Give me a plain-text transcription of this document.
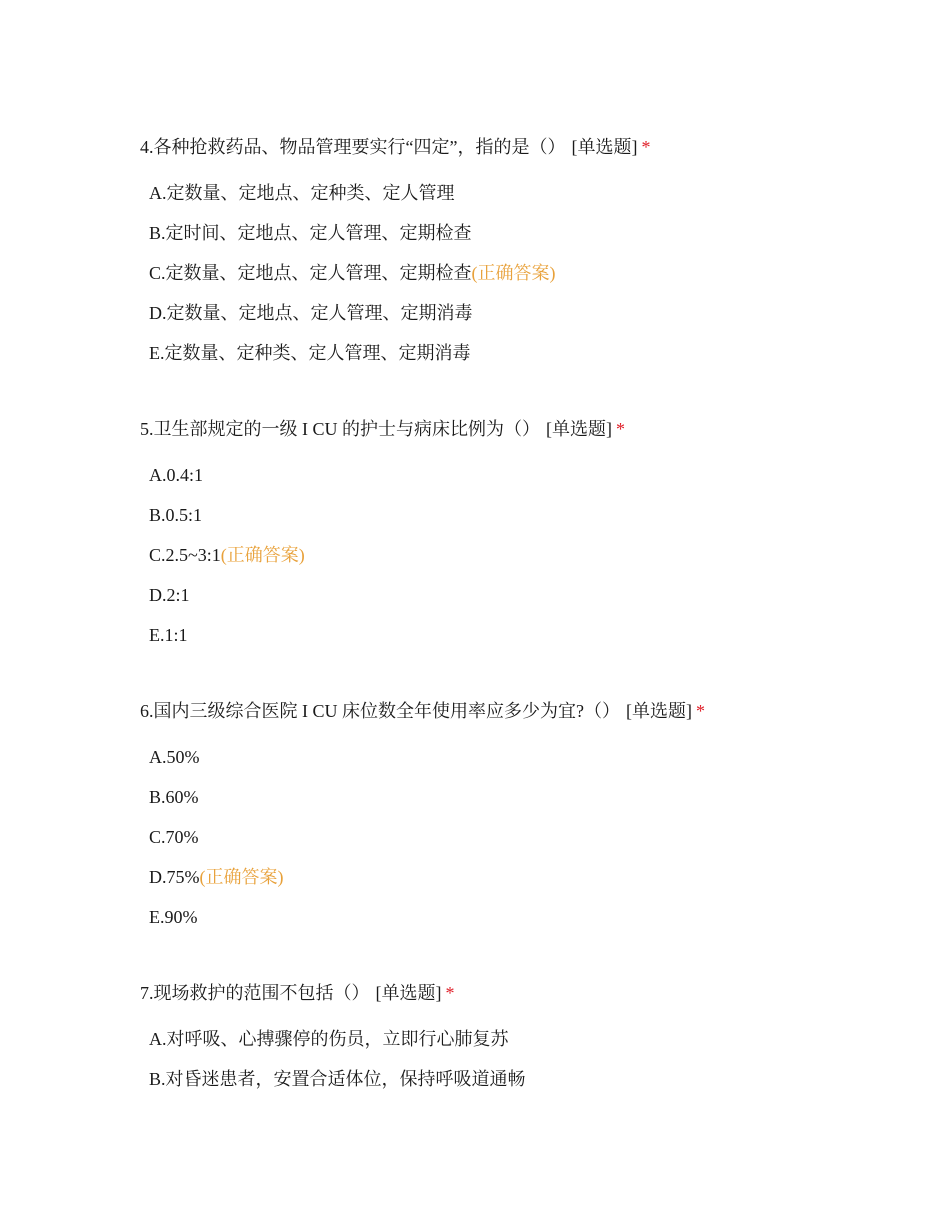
4.各种抢救药品、物品管理要实行“四定”，指的是（） [单选题] *
A.定数量、定地点、定种类、定人管理
B.定时间、定地点、定人管理、定期检查
C.定数量、定地点、定人管理、定期检查(正确答案)
D.定数量、定地点、定人管理、定期消毒
E.定数量、定种类、定人管理、定期消毒
5.卫生部规定的一级 I CU 的护士与病床比例为（） [单选题] *
A.0.4:1
B.0.5:1
C.2.5~3:1(正确答案)
D.2:1
E.1:1
6.国内三级综合医院 I CU 床位数全年使用率应多少为宜?（） [单选题] *
A.50%
B.60%
C.70%
D.75%(正确答案)
E.90%
7.现场救护的范围不包括（） [单选题] *
A.对呼吸、心搏骤停的伤员，立即行心肺复苏
B.对昏迷患者，安置合适体位，保持呼吸道通畅
